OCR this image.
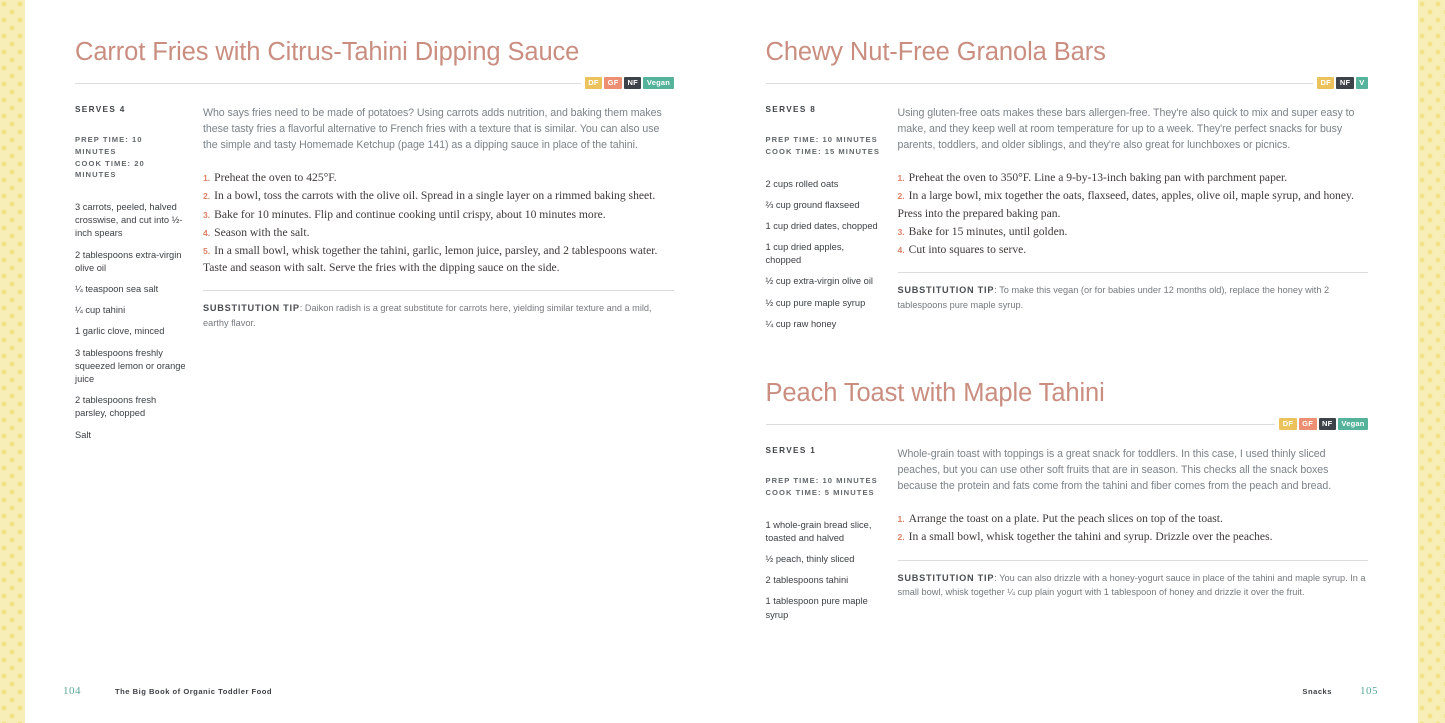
Carrot Fries with Citrus-Tahini Dipping Sauce
DF	GF	NF	Vegan

SERVES 4

PREP TIME: 10 MINUTES
COOK TIME: 20 MINUTES
3 carrots, peeled, halved crosswise, and cut into ½-inch spears
2 tablespoons extra-virgin olive oil
¼ teaspoon sea salt
¼ cup tahini
1 garlic clove, minced
3 tablespoons freshly squeezed lemon or orange juice
2 tablespoons fresh parsley, chopped
Salt

Who says fries need to be made of potatoes? Using carrots adds nutrition, and baking them makes these tasty fries a flavorful alternative to French fries with a texture that is similar. You can also use the simple and tasty Homemade Ketchup (page 141) as a dipping sauce in place of the tahini.

1. Preheat the oven to 425°F.

2. In a bowl, toss the carrots with the olive oil. Spread in a single layer on a rimmed baking sheet.

3. Bake for 10 minutes. Flip and continue cooking until crispy, about 10 minutes more.

4. Season with the salt.

5. In a small bowl, whisk together the tahini, garlic, lemon juice, parsley, and 2 tablespoons water. Taste and season with salt. Serve the fries with the dipping sauce on the side.

SUBSTITUTION TIP: Daikon radish is a great substitute for carrots here, yielding similar texture and a mild, earthy flavor.

104	The Big Book of Organic Toddler Food
Chewy Nut-Free Granola Bars
DF	NF	V

SERVES 8

PREP TIME: 10 MINUTES
COOK TIME: 15 MINUTES
2 cups rolled oats
⅔ cup ground flaxseed
1 cup dried dates, chopped
1 cup dried apples, chopped
½ cup extra-virgin olive oil
½ cup pure maple syrup
¼ cup raw honey

Using gluten-free oats makes these bars allergen-free. They're also quick to mix and super easy to make, and they keep well at room temperature for up to a week. They're perfect snacks for busy parents, toddlers, and older siblings, and they're also great for lunchboxes or picnics.

1. Preheat the oven to 350°F. Line a 9-by-13-inch baking pan with parchment paper.

2. In a large bowl, mix together the oats, flaxseed, dates, apples, olive oil, maple syrup, and honey. Press into the prepared baking pan.

3. Bake for 15 minutes, until golden.

4. Cut into squares to serve.

SUBSTITUTION TIP: To make this vegan (or for babies under 12 months old), replace the honey with 2 tablespoons pure maple syrup.

Peach Toast with Maple Tahini
DF	GF	NF	Vegan

SERVES 1

PREP TIME: 10 MINUTES
COOK TIME: 5 MINUTES
1 whole-grain bread slice, toasted and halved
½ peach, thinly sliced
2 tablespoons tahini
1 tablespoon pure maple syrup

Whole-grain toast with toppings is a great snack for toddlers. In this case, I used thinly sliced peaches, but you can use other soft fruits that are in season. This checks all the snack boxes because the protein and fats come from the tahini and fiber comes from the peach and bread.

1. Arrange the toast on a plate. Put the peach slices on top of the toast.

2. In a small bowl, whisk together the tahini and syrup. Drizzle over the peaches.

SUBSTITUTION TIP: You can also drizzle with a honey-yogurt sauce in place of the tahini and maple syrup. In a small bowl, whisk together ¼ cup plain yogurt with 1 tablespoon of honey and drizzle it over the fruit.

Snacks	105
